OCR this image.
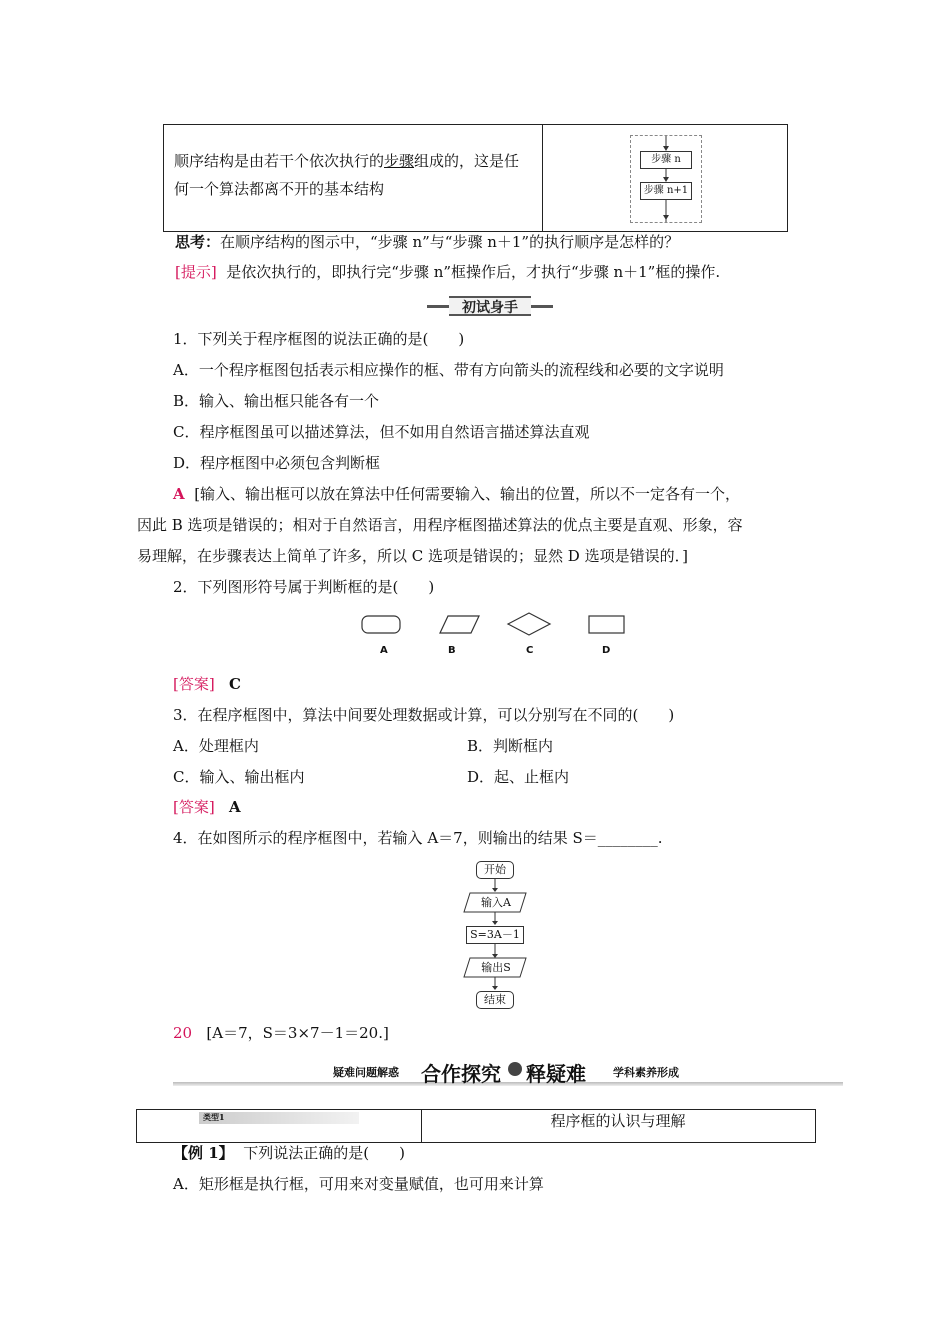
顺序结构是由若干个依次执行的步骤组成的，这是任何一个算法都离不开的基本结构
步骤 n
步骤 n+1
思考：在顺序结构的图示中，“步骤 n”与“步骤 n＋1”的执行顺序是怎样的？
[提示] 是依次执行的，即执行完“步骤 n”框操作后，才执行“步骤 n＋1”框的操作.
初试身手
1．下列关于程序框图的说法正确的是(　　)
A．一个程序框图包括表示相应操作的框、带有方向箭头的流程线和必要的文字说明
B．输入、输出框只能各有一个
C．程序框图虽可以描述算法，但不如用自然语言描述算法直观
D．程序框图中必须包含判断框
A [输入、输出框可以放在算法中任何需要输入、输出的位置，所以不一定各有一个，
因此 B 选项是错误的；相对于自然语言，用程序框图描述算法的优点主要是直观、形象，容
易理解，在步骤表达上简单了许多，所以 C 选项是错误的；显然 D 选项是错误的．]
2．下列图形符号属于判断框的是(　　)
A	B	C	D
[答案] C
3．在程序框图中，算法中间要处理数据或计算，可以分别写在不同的(　　)
A．处理框内	B．判断框内
C．输入、输出框内	D．起、止框内
[答案] A
4．在如图所示的程序框图中，若输入 A＝7，则输出的结果 S＝________.
开始
输入A
S=3A－1
输出S
结束
20 [A＝7，S＝3×7－1＝20.]
疑难问题解惑 合作探究 释疑难 学科素养形成
类型1	程序框的认识与理解
【例 1】 下列说法正确的是(　　)
A．矩形框是执行框，可用来对变量赋值，也可用来计算
